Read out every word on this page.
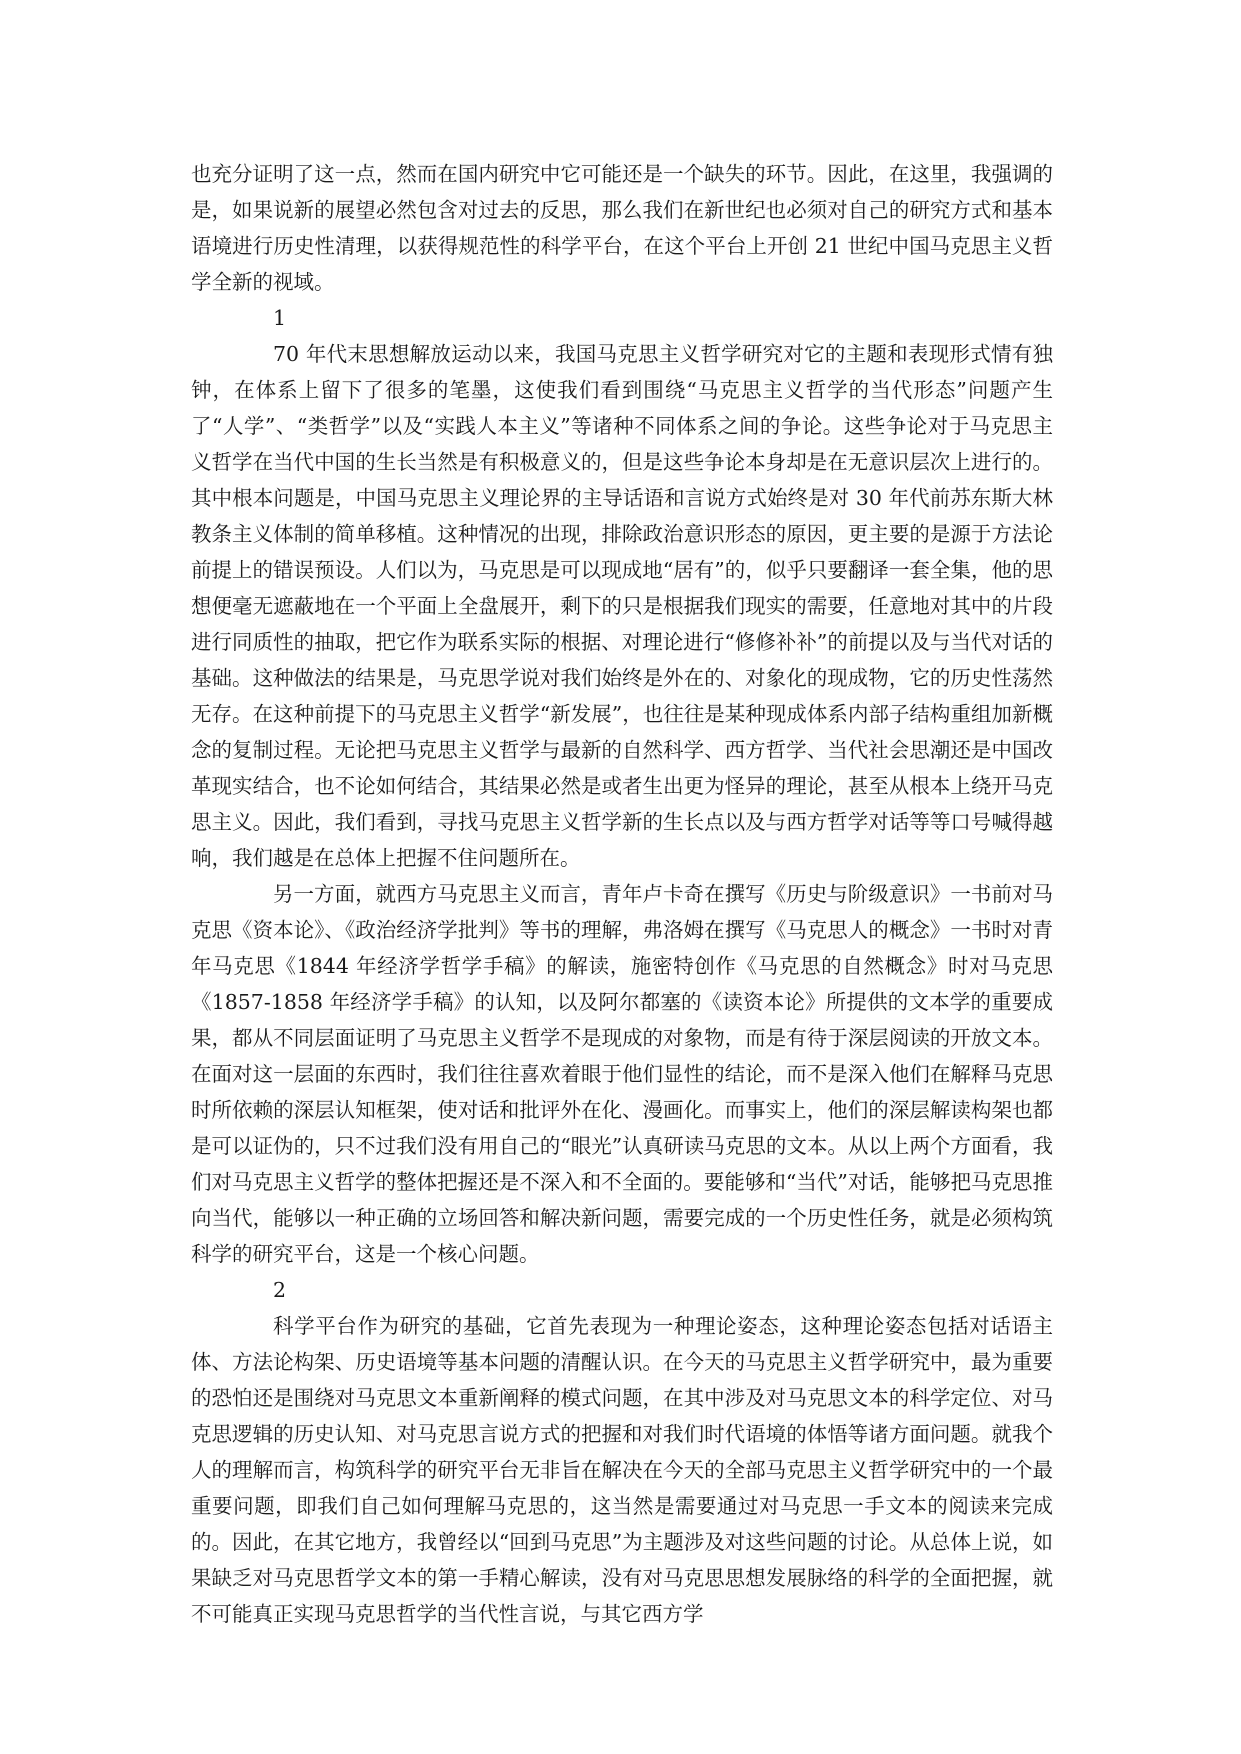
也充分证明了这一点，然而在国内研究中它可能还是一个缺失的环节。因此，在这里，我强调的是，如果说新的展望必然包含对过去的反思，那么我们在新世纪也必须对自己的研究方式和基本语境进行历史性清理，以获得规范性的科学平台，在这个平台上开创 21 世纪中国马克思主义哲学全新的视域。

1

70 年代末思想解放运动以来，我国马克思主义哲学研究对它的主题和表现形式情有独钟，在体系上留下了很多的笔墨，这使我们看到围绕“马克思主义哲学的当代形态”问题产生了“人学”、“类哲学”以及“实践人本主义”等诸种不同体系之间的争论。这些争论对于马克思主义哲学在当代中国的生长当然是有积极意义的，但是这些争论本身却是在无意识层次上进行的。其中根本问题是，中国马克思主义理论界的主导话语和言说方式始终是对 30 年代前苏东斯大林教条主义体制的简单移植。这种情况的出现，排除政治意识形态的原因，更主要的是源于方法论前提上的错误预设。人们以为，马克思是可以现成地“居有”的，似乎只要翻译一套全集，他的思想便毫无遮蔽地在一个平面上全盘展开，剩下的只是根据我们现实的需要，任意地对其中的片段进行同质性的抽取，把它作为联系实际的根据、对理论进行“修修补补”的前提以及与当代对话的基础。这种做法的结果是，马克思学说对我们始终是外在的、对象化的现成物，它的历史性荡然无存。在这种前提下的马克思主义哲学“新发展”，也往往是某种现成体系内部子结构重组加新概念的复制过程。无论把马克思主义哲学与最新的自然科学、西方哲学、当代社会思潮还是中国改革现实结合，也不论如何结合，其结果必然是或者生出更为怪异的理论，甚至从根本上绕开马克思主义。因此，我们看到，寻找马克思主义哲学新的生长点以及与西方哲学对话等等口号喊得越响，我们越是在总体上把握不住问题所在。

另一方面，就西方马克思主义而言，青年卢卡奇在撰写《历史与阶级意识》一书前对马克思《资本论》、《政治经济学批判》等书的理解，弗洛姆在撰写《马克思人的概念》一书时对青年马克思《1844 年经济学哲学手稿》的解读，施密特创作《马克思的自然概念》时对马克思《1857-1858 年经济学手稿》的认知，以及阿尔都塞的《读资本论》所提供的文本学的重要成果，都从不同层面证明了马克思主义哲学不是现成的对象物，而是有待于深层阅读的开放文本。在面对这一层面的东西时，我们往往喜欢着眼于他们显性的结论，而不是深入他们在解释马克思时所依赖的深层认知框架，使对话和批评外在化、漫画化。而事实上，他们的深层解读构架也都是可以证伪的，只不过我们没有用自己的“眼光”认真研读马克思的文本。从以上两个方面看，我们对马克思主义哲学的整体把握还是不深入和不全面的。要能够和“当代”对话，能够把马克思推向当代，能够以一种正确的立场回答和解决新问题，需要完成的一个历史性任务，就是必须构筑科学的研究平台，这是一个核心问题。

2

科学平台作为研究的基础，它首先表现为一种理论姿态，这种理论姿态包括对话语主体、方法论构架、历史语境等基本问题的清醒认识。在今天的马克思主义哲学研究中，最为重要的恐怕还是围绕对马克思文本重新阐释的模式问题，在其中涉及对马克思文本的科学定位、对马克思逻辑的历史认知、对马克思言说方式的把握和对我们时代语境的体悟等诸方面问题。就我个人的理解而言，构筑科学的研究平台无非旨在解决在今天的全部马克思主义哲学研究中的一个最重要问题，即我们自己如何理解马克思的，这当然是需要通过对马克思一手文本的阅读来完成的。因此，在其它地方，我曾经以“回到马克思”为主题涉及对这些问题的讨论。从总体上说，如果缺乏对马克思哲学文本的第一手精心解读，没有对马克思思想发展脉络的科学的全面把握，就不可能真正实现马克思哲学的当代性言说，与其它西方学
